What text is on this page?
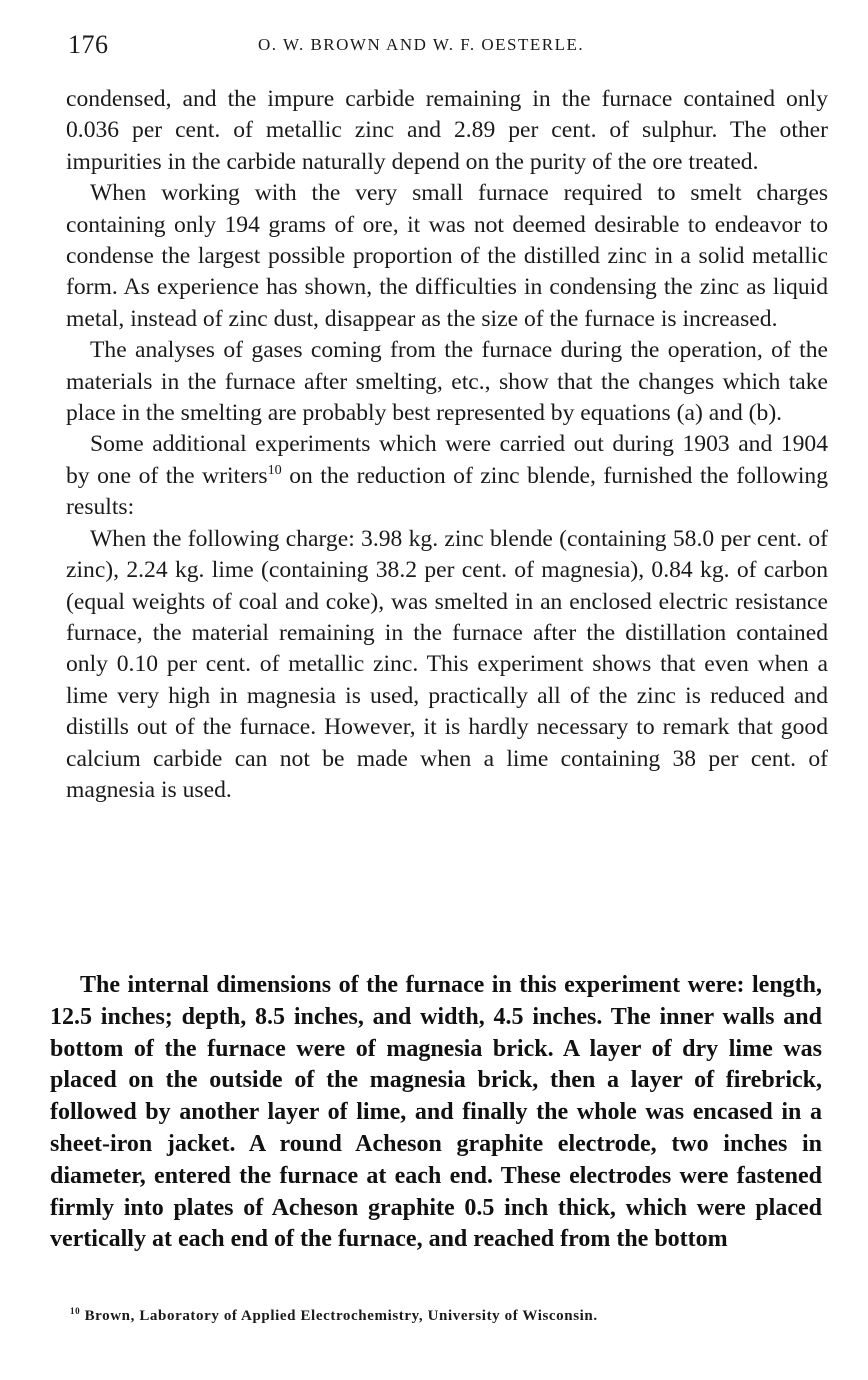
176	O. W. BROWN AND W. F. OESTERLE.

condensed, and the impure carbide remaining in the furnace contained only 0.036 per cent. of metallic zinc and 2.89 per cent. of sulphur. The other impurities in the carbide naturally depend on the purity of the ore treated.

When working with the very small furnace required to smelt charges containing only 194 grams of ore, it was not deemed desirable to endeavor to condense the largest possible proportion of the distilled zinc in a solid metallic form. As experience has shown, the difficulties in condensing the zinc as liquid metal, instead of zinc dust, disappear as the size of the furnace is increased.

The analyses of gases coming from the furnace during the operation, of the materials in the furnace after smelting, etc., show that the changes which take place in the smelting are probably best represented by equations (a) and (b).

Some additional experiments which were carried out during 1903 and 1904 by one of the writers$^{10}$ on the reduction of zinc blende, furnished the following results:

When the following charge: 3.98 kg. zinc blende (containing 58.0 per cent. of zinc), 2.24 kg. lime (containing 38.2 per cent. of magnesia), 0.84 kg. of carbon (equal weights of coal and coke), was smelted in an enclosed electric resistance furnace, the material remaining in the furnace after the distillation contained only 0.10 per cent. of metallic zinc. This experiment shows that even when a lime very high in magnesia is used, practically all of the zinc is reduced and distills out of the furnace. However, it is hardly necessary to remark that good calcium carbide can not be made when a lime containing 38 per cent. of magnesia is used.

The internal dimensions of the furnace in this experiment were: length, 12.5 inches; depth, 8.5 inches, and width, 4.5 inches. The inner walls and bottom of the furnace were of magnesia brick. A layer of dry lime was placed on the outside of the magnesia brick, then a layer of firebrick, followed by another layer of lime, and finally the whole was encased in a sheet-iron jacket. A round Acheson graphite electrode, two inches in diameter, entered the furnace at each end. These electrodes were fastened firmly into plates of Acheson graphite 0.5 inch thick, which were placed vertically at each end of the furnace, and reached from the bottom

$^{10}$ Brown, Laboratory of Applied Electrochemistry, University of Wisconsin.
